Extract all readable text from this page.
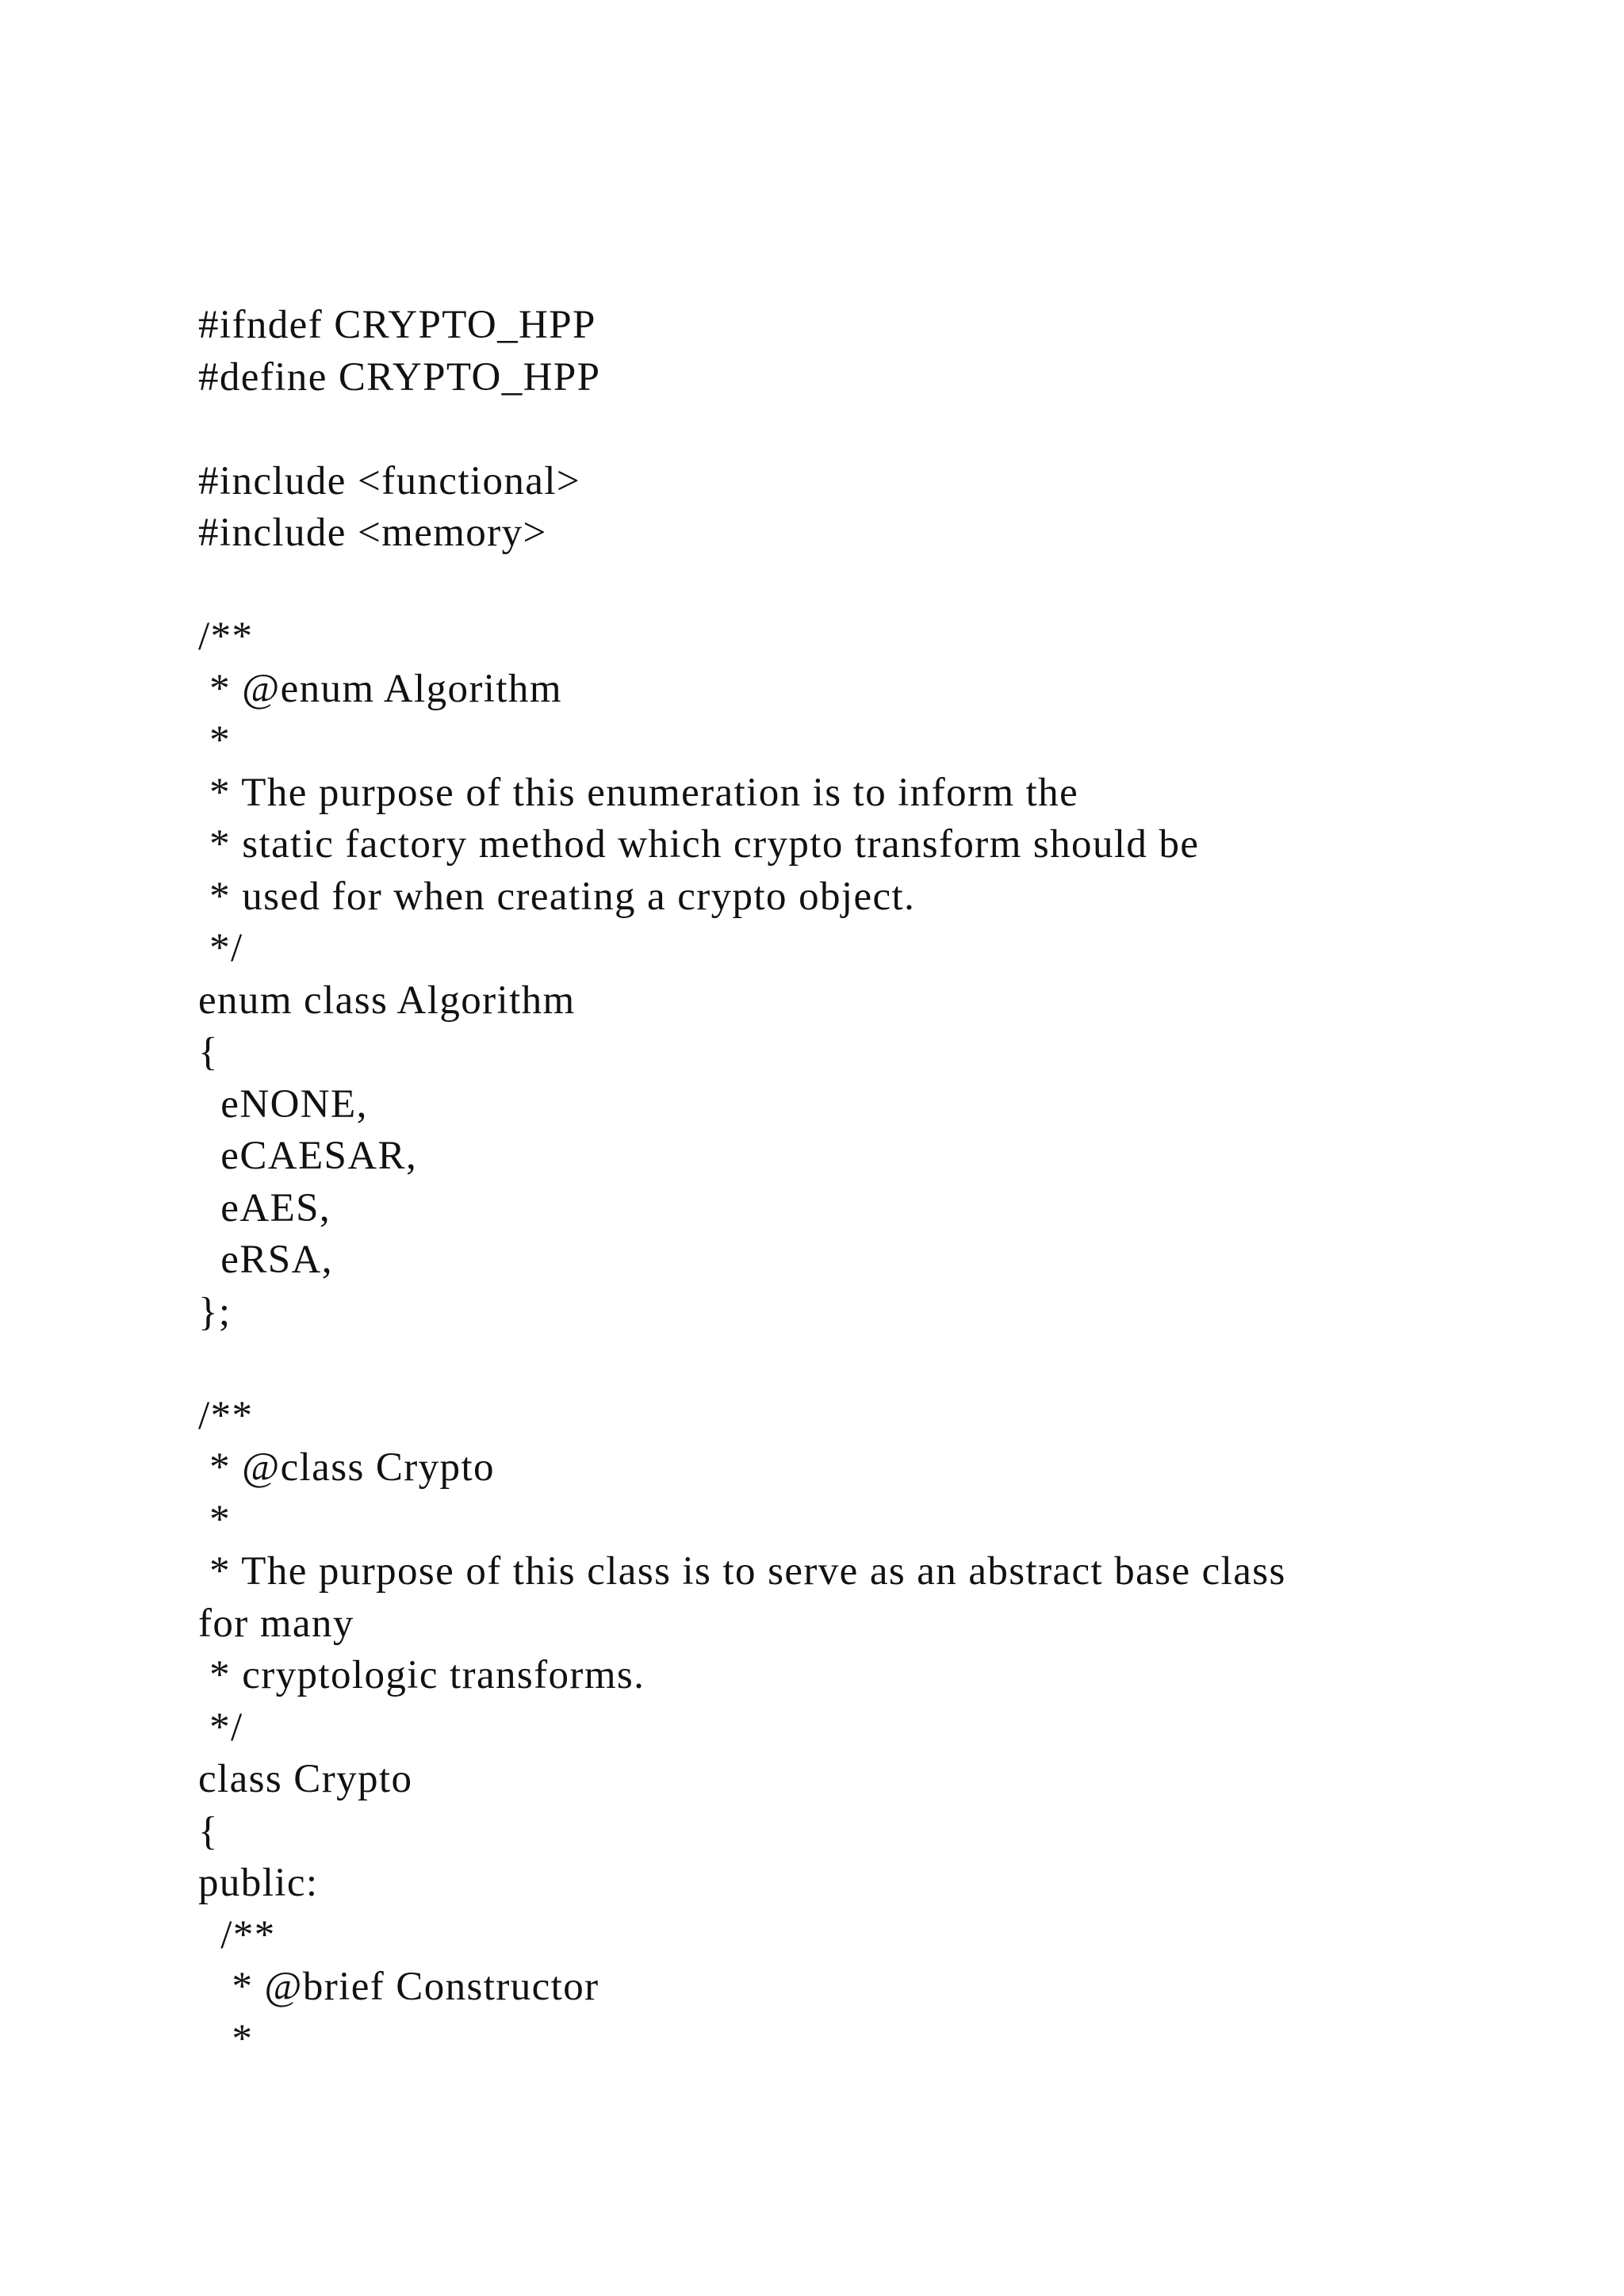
#ifndef CRYPTO_HPP
#define CRYPTO_HPP
#include <functional>
#include <memory>
/**
* @enum Algorithm
*
* The purpose of this enumeration is to inform the
* static factory method which crypto transform should be
* used for when creating a crypto object.
*/
enum class Algorithm
{
eNONE,
eCAESAR,
eAES,
eRSA,
};
/**
* @class Crypto
*
* The purpose of this class is to serve as an abstract base class
for many
* cryptologic transforms.
*/
class Crypto
{
public:
/**
* @brief Constructor
*
